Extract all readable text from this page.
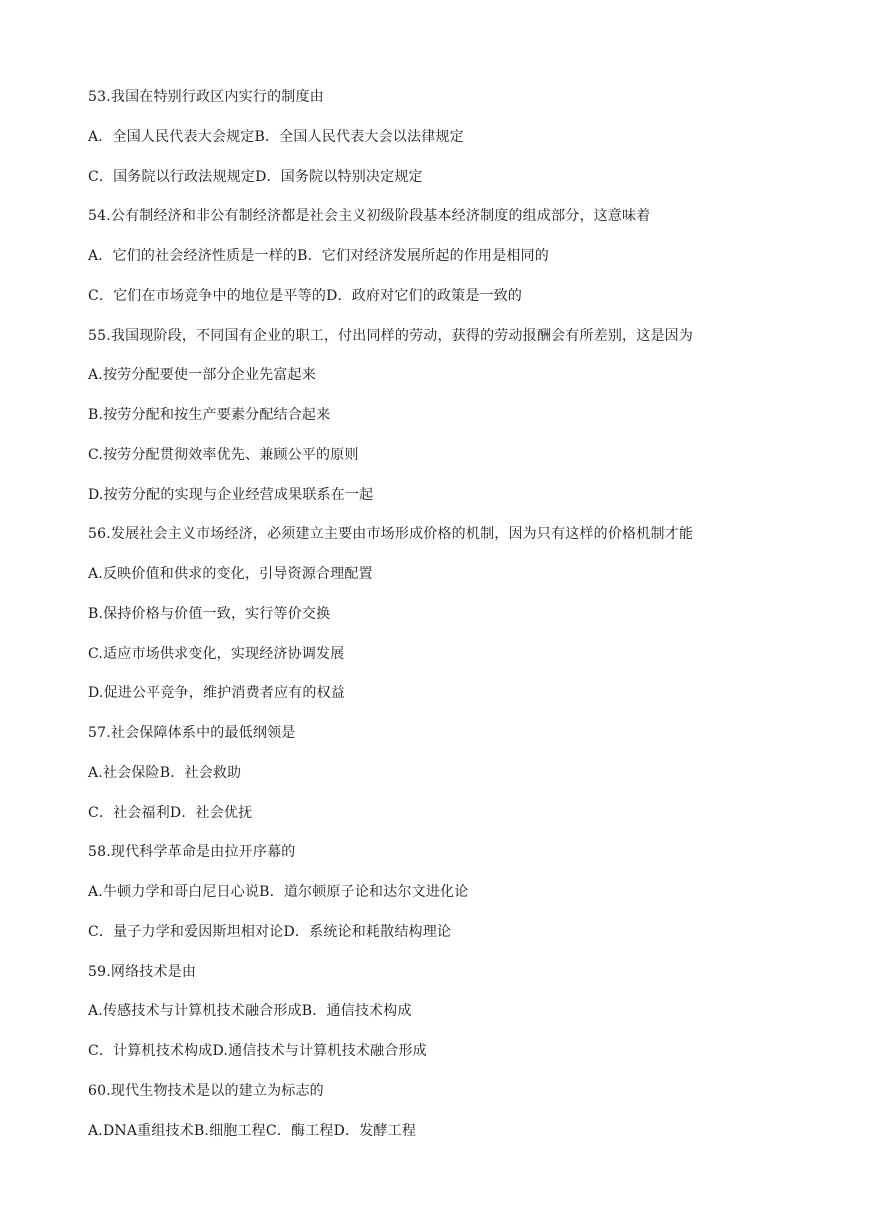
53.我国在特别行政区内实行的制度由
A．全国人民代表大会规定B．全国人民代表大会以法律规定
C．国务院以行政法规规定D．国务院以特别决定规定
54.公有制经济和非公有制经济都是社会主义初级阶段基本经济制度的组成部分，这意味着
A．它们的社会经济性质是一样的B．它们对经济发展所起的作用是相同的
C．它们在市场竞争中的地位是平等的D．政府对它们的政策是一致的
55.我国现阶段，不同国有企业的职工，付出同样的劳动，获得的劳动报酬会有所差别，这是因为
A.按劳分配要使一部分企业先富起来
B.按劳分配和按生产要素分配结合起来
C.按劳分配贯彻效率优先、兼顾公平的原则
D.按劳分配的实现与企业经营成果联系在一起
56.发展社会主义市场经济，必须建立主要由市场形成价格的机制，因为只有这样的价格机制才能
A.反映价值和供求的变化，引导资源合理配置
B.保持价格与价值一致，实行等价交换
C.适应市场供求变化，实现经济协调发展
D.促进公平竞争，维护消费者应有的权益
57.社会保障体系中的最低纲领是
A.社会保险B．社会救助
C．社会福利D．社会优抚
58.现代科学革命是由拉开序幕的
A.牛顿力学和哥白尼日心说B．道尔顿原子论和达尔文进化论
C．量子力学和爱因斯坦相对论D．系统论和耗散结构理论
59.网络技术是由
A.传感技术与计算机技术融合形成B．通信技术构成
C．计算机技术构成D.通信技术与计算机技术融合形成
60.现代生物技术是以的建立为标志的
A.DNA重组技术B.细胞工程C．酶工程D．发酵工程
